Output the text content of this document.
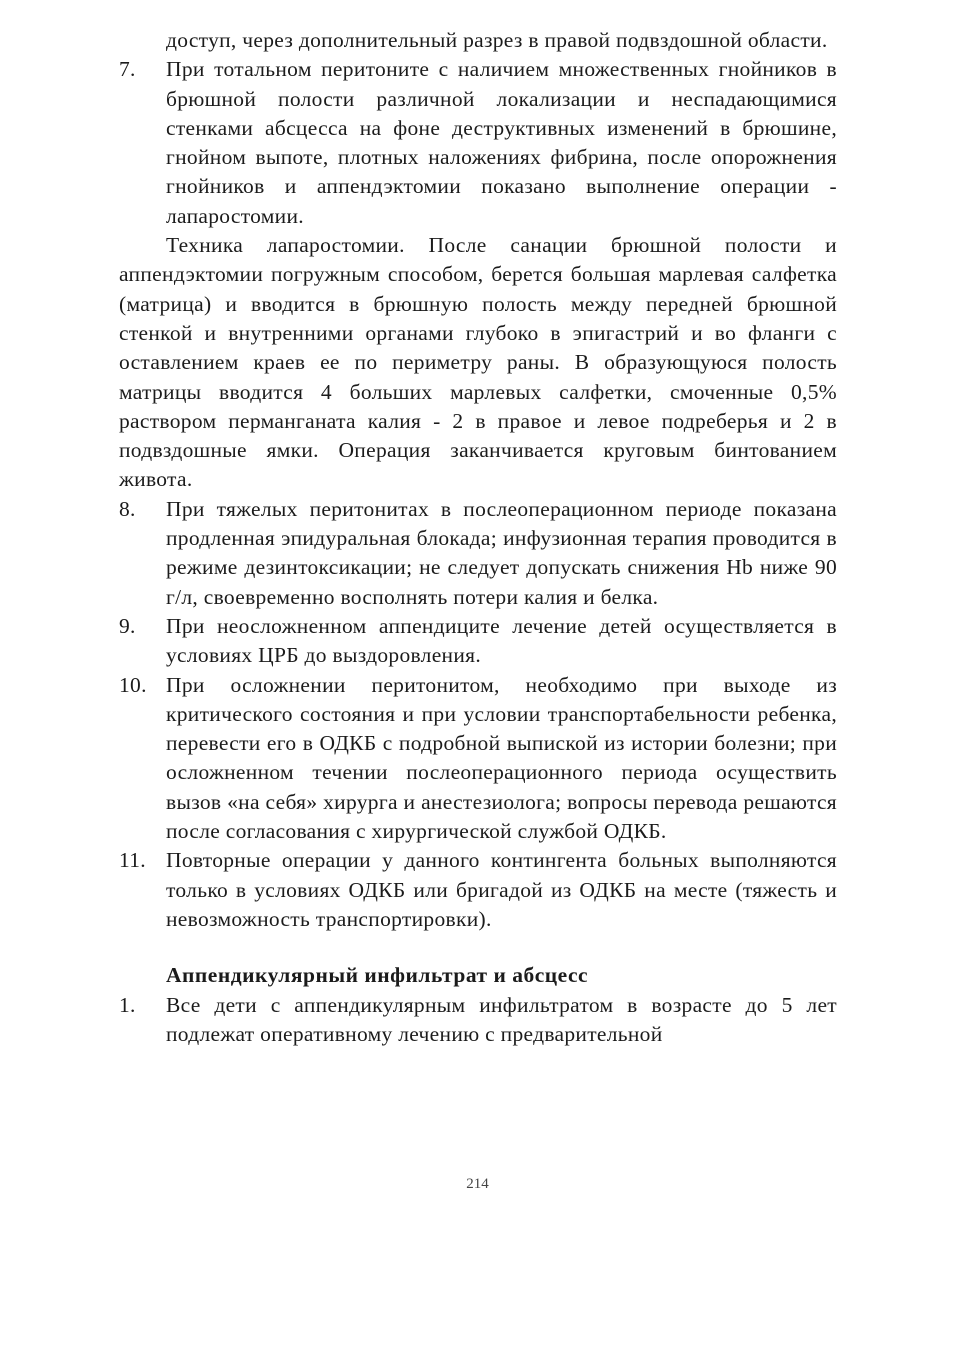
доступ, через дополнительный разрез в правой подвздошной области.

7.	При тотальном перитоните с наличием множественных гнойников в брюшной полости различной локализации и неспадающимися стенками абсцесса на фоне деструктивных изменений в брюшине, гнойном выпоте, плотных наложениях фибрина, после опорожнения гнойников и аппендэктомии показано выполнение операции - лапаростомии.

Техника лапаростомии. После санации брюшной полости и аппендэктомии погружным способом, берется большая марлевая салфетка (матрица) и вводится в брюшную полость между передней брюшной стенкой и внутренними органами глубоко в эпигастрий и во фланги с оставлением краев ее по периметру раны. В образующуюся полость матрицы вводится 4 больших марлевых салфетки, смоченные 0,5% раствором перманганата калия - 2 в правое и левое подреберья и 2 в подвздошные ямки. Операция заканчивается круговым бинтованием живота.

8.	При тяжелых перитонитах в послеоперационном периоде показана продленная эпидуральная блокада; инфузионная терапия проводится в режиме дезинтоксикации; не следует допускать снижения Hb ниже 90 г/л, своевременно восполнять потери калия и белка.
9.	При неосложненном аппендиците лечение детей осуществляется в условиях ЦРБ до выздоровления.
10. При осложнении перитонитом, необходимо при выходе из критического состояния и при условии транспортабельности ребенка, перевести его в ОДКБ с подробной выпиской из истории болезни; при осложненном течении послеоперационного периода осуществить вызов «на себя» хирурга и анестезиолога; вопросы перевода решаются после согласования с хирургической службой ОДКБ.
11. Повторные операции у данного контингента больных выполняются только в условиях ОДКБ или бригадой из ОДКБ на месте (тяжесть и невозможность транспортировки).
Аппендикулярный инфильтрат и абсцесс
1.	Все дети с аппендикулярным инфильтратом в возрасте до 5 лет подлежат оперативному лечению с предварительной
214
